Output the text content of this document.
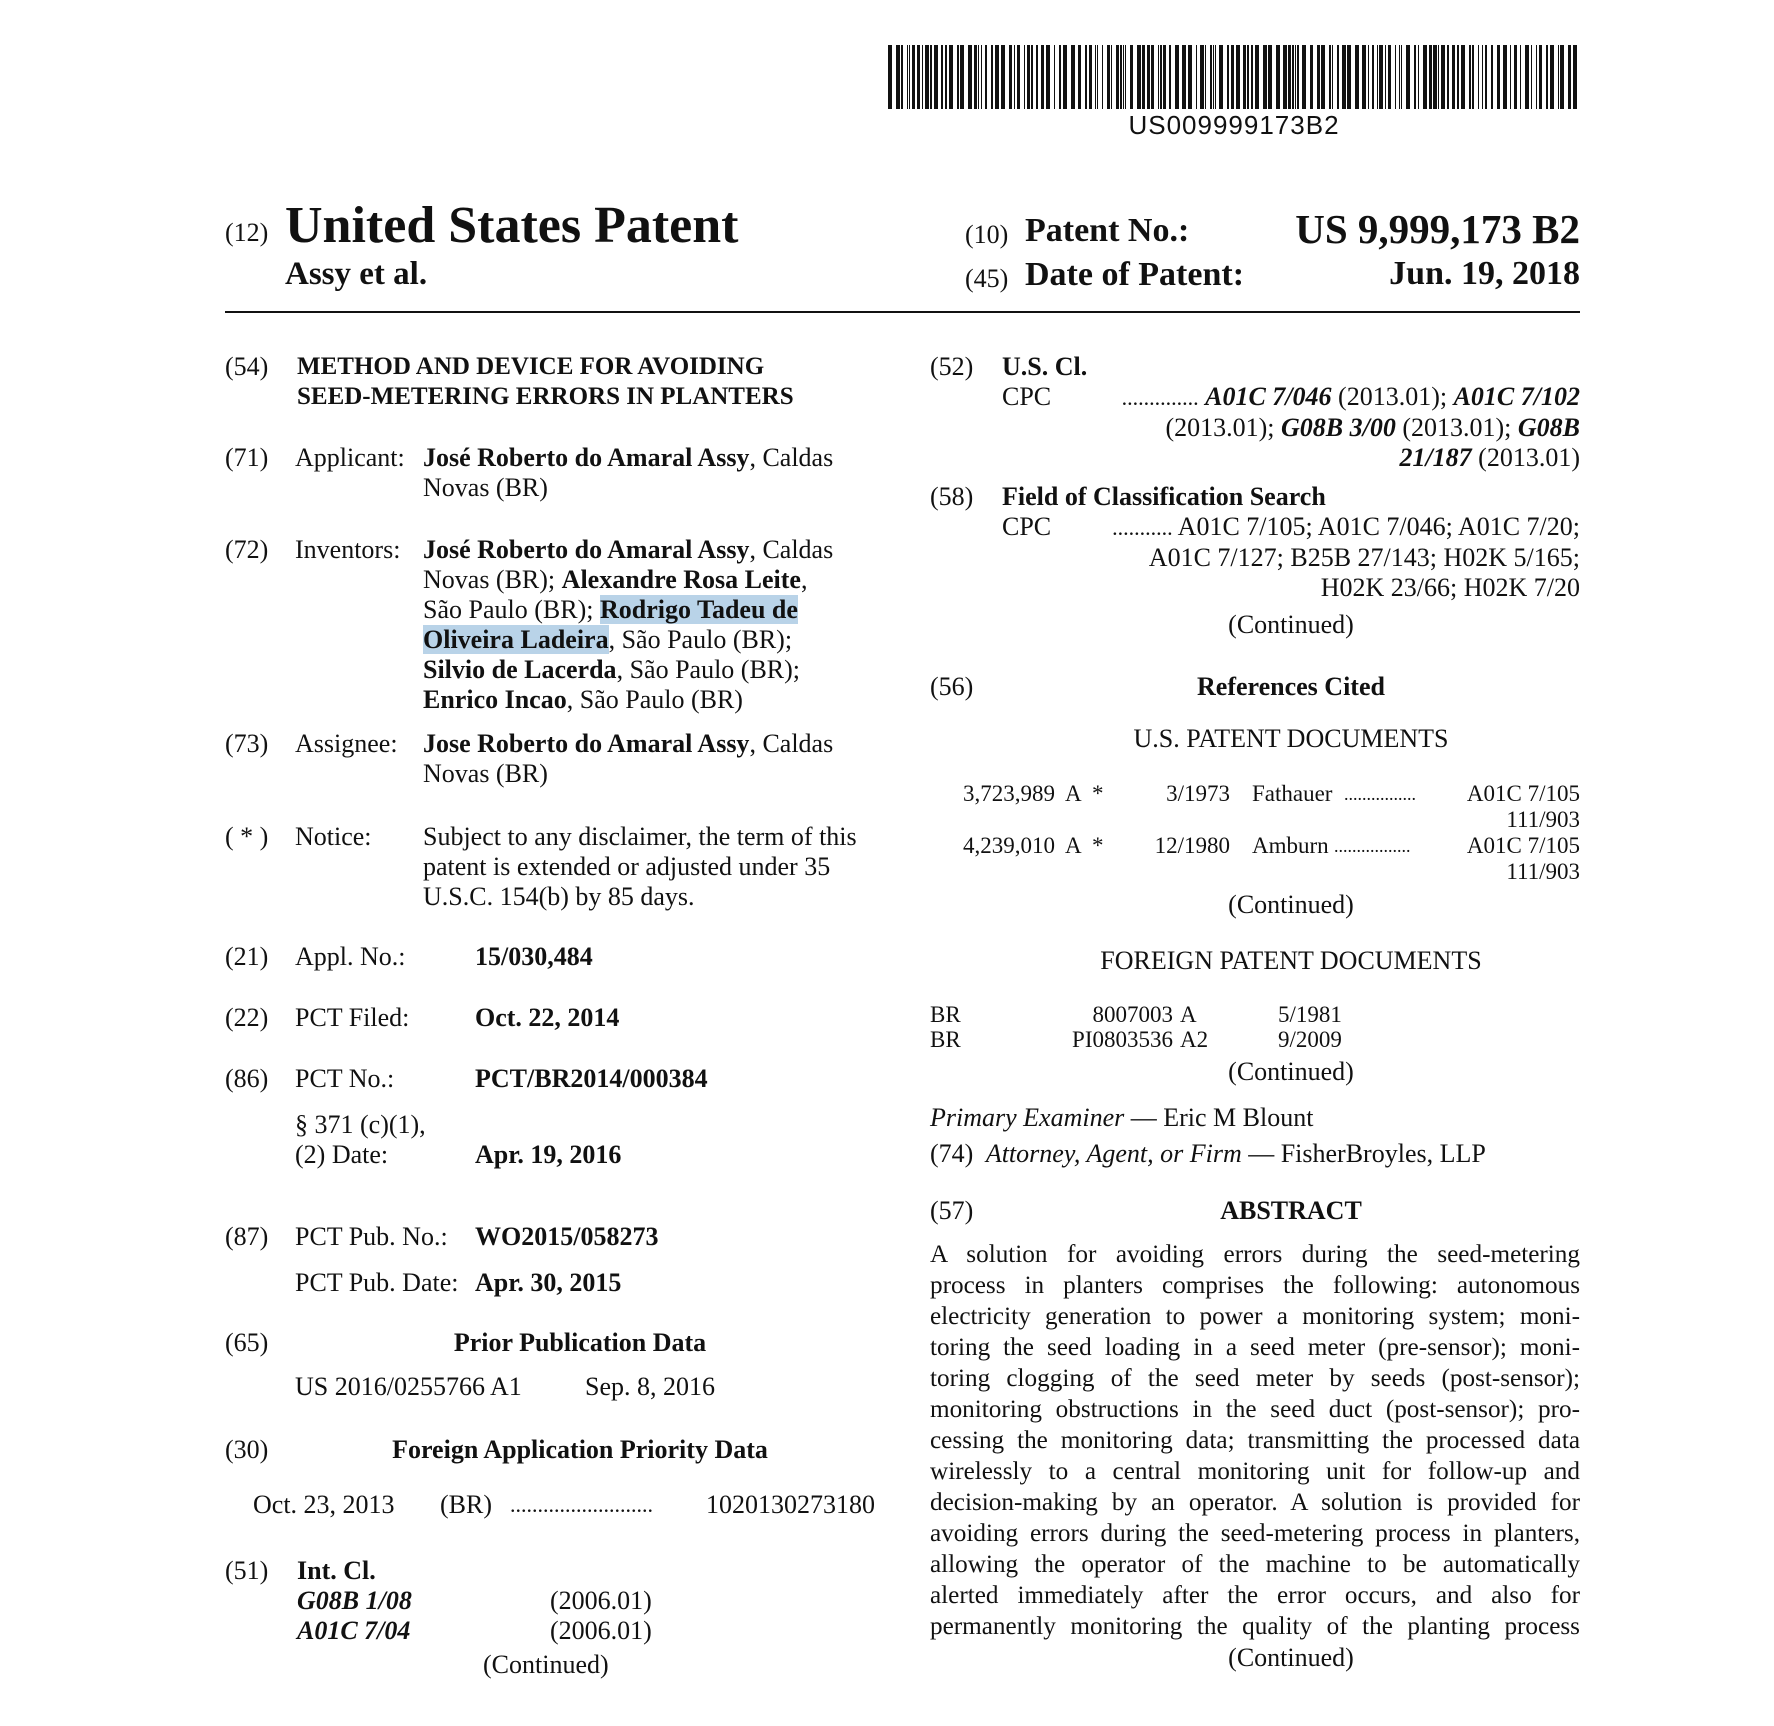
US009999173B2
(12) United States Patent
Assy et al.
(10) Patent No.:	US 9,999,173 B2
(45) Date of Patent:	Jun. 19, 2018
(54) METHOD AND DEVICE FOR AVOIDING
SEED-METERING ERRORS IN PLANTERS
(71) Applicant: José Roberto do Amaral Assy, Caldas
Novas (BR)
(72) Inventors: José Roberto do Amaral Assy, Caldas
Novas (BR); Alexandre Rosa Leite,
São Paulo (BR); Rodrigo Tadeu de
Oliveira Ladeira, São Paulo (BR);
Silvio de Lacerda, São Paulo (BR);
Enrico Incao, São Paulo (BR)
(73) Assignee: Jose Roberto do Amaral Assy, Caldas
Novas (BR)
( * ) Notice: Subject to any disclaimer, the term of this
patent is extended or adjusted under 35
U.S.C. 154(b) by 85 days.
(21) Appl. No.:	15/030,484
(22) PCT Filed:	Oct. 22, 2014
(86) PCT No.:	PCT/BR2014/000384
§ 371 (c)(1),
(2) Date:	Apr. 19, 2016
(87) PCT Pub. No.: WO2015/058273
PCT Pub. Date: Apr. 30, 2015
(65)	Prior Publication Data
US 2016/0255766 A1 Sep. 8, 2016
(30)	Foreign Application Priority Data
Oct. 23, 2013 (BR) .......................... 1020130273180
(51) Int. Cl.
G08B 1/08	(2006.01)
A01C 7/04	(2006.01)
(Continued)
(52) U.S. Cl.
CPC	.............. A01C 7/046 (2013.01); A01C 7/102
(2013.01); G08B 3/00 (2013.01); G08B
21/187 (2013.01)
(58) Field of Classification Search
CPC	........... A01C 7/105; A01C 7/046; A01C 7/20;
A01C 7/127; B25B 27/143; H02K 5/165;
H02K 23/66; H02K 7/20
(Continued)
(56)	References Cited
U.S. PATENT DOCUMENTS
3,723,989 A *	3/1973 Fathauer ................ A01C 7/105
111/903
4,239,010 A * 12/1980 Amburn ................. A01C 7/105
111/903
(Continued)
FOREIGN PATENT DOCUMENTS
BR	8007003 A	5/1981
BR	PI0803536 A2	9/2009
(Continued)
Primary Examiner — Eric M Blount
(74) Attorney, Agent, or Firm — FisherBroyles, LLP
(57)	ABSTRACT
A solution for avoiding errors during the seed-metering
process in planters comprises the following: autonomous
electricity generation to power a monitoring system; moni-
toring the seed loading in a seed meter (pre-sensor); moni-
toring clogging of the seed meter by seeds (post-sensor);
monitoring obstructions in the seed duct (post-sensor); pro-
cessing the monitoring data; transmitting the processed data
wirelessly to a central monitoring unit for follow-up and
decision-making by an operator. A solution is provided for
avoiding errors during the seed-metering process in planters,
allowing the operator of the machine to be automatically
alerted immediately after the error occurs, and also for
permanently monitoring the quality of the planting process
(Continued)
